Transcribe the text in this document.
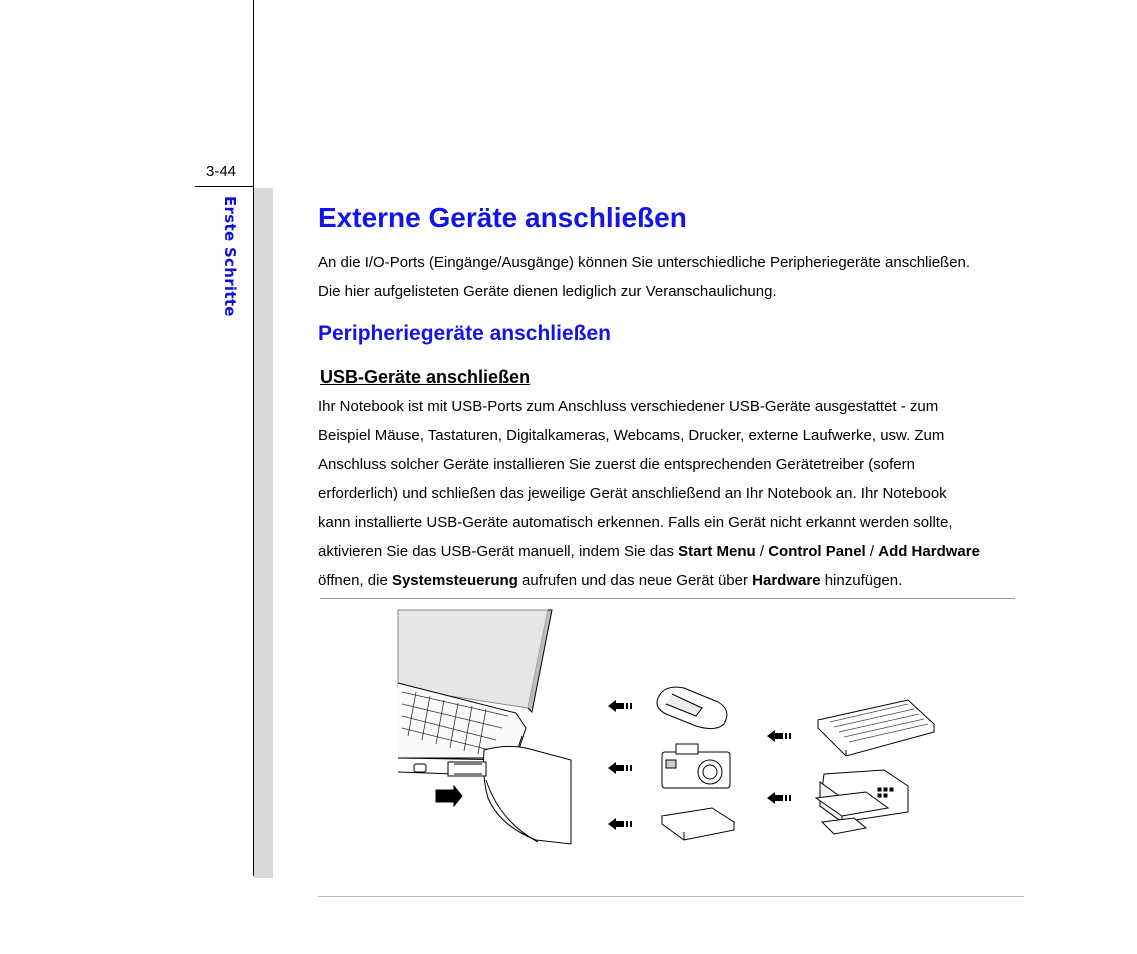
3-44
Erste Schritte	Externe Geräte anschließen

An die I/O-Ports (Eingänge/Ausgänge) können Sie unterschiedliche Peripheriegeräte anschließen.
Die hier aufgelisteten Geräte dienen lediglich zur Veranschaulichung.

Peripheriegeräte anschließen
USB-Geräte anschließen

Ihr Notebook ist mit USB-Ports zum Anschluss verschiedener USB-Geräte ausgestattet - zum
Beispiel Mäuse, Tastaturen, Digitalkameras, Webcams, Drucker, externe Laufwerke, usw. Zum
Anschluss solcher Geräte installieren Sie zuerst die entsprechenden Gerätetreiber (sofern
erforderlich) und schließen das jeweilige Gerät anschließend an Ihr Notebook an. Ihr Notebook
kann installierte USB-Geräte automatisch erkennen. Falls ein Gerät nicht erkannt werden sollte,
aktivieren Sie das USB-Gerät manuell, indem Sie das Start Menu / Control Panel / Add Hardware
öffnen, die Systemsteuerung aufrufen und das neue Gerät über Hardware hinzufügen.
